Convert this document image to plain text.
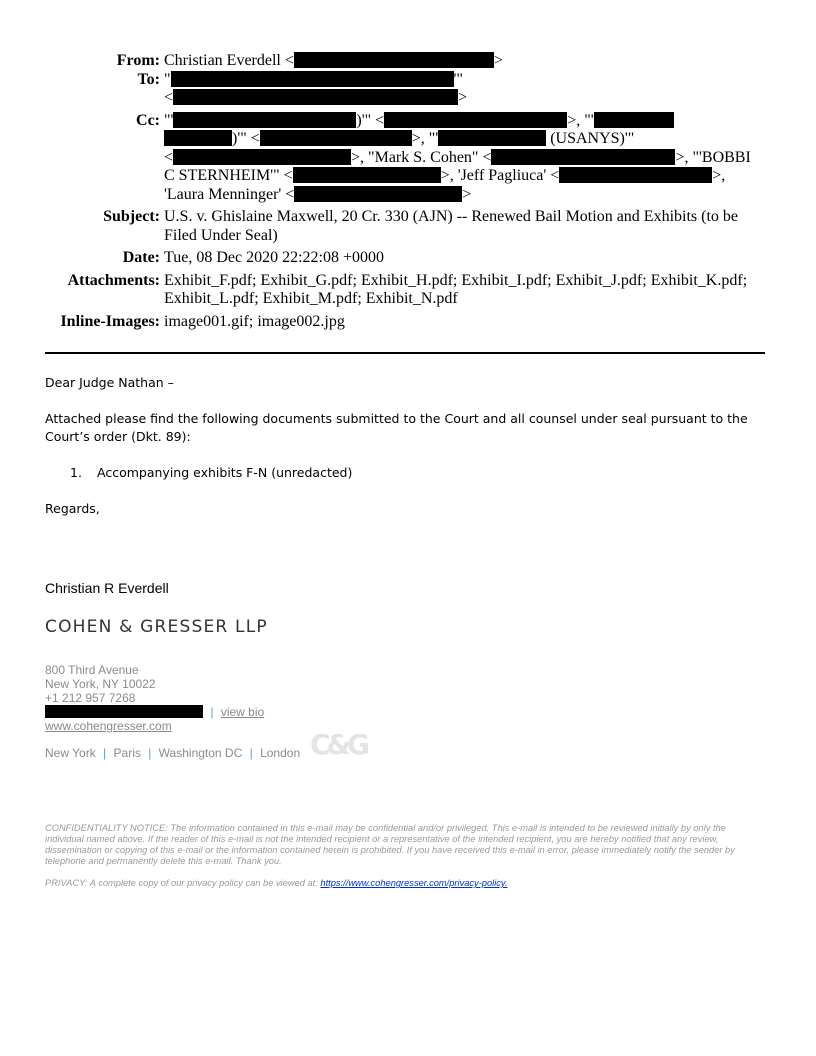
From: Christian Everdell <	>
To: "	'"
<	>
Cc: "'	)'" <	>, "'
)'" <	>, "'	(USANYS)'"
<	>, "Mark S. Cohen" <	>, "'BOBBI
C STERNHEIM'" <	>, 'Jeff Pagliuca' <	>,
'Laura Menninger' <	>
Subject: U.S. v. Ghislaine Maxwell, 20 Cr. 330 (AJN) -- Renewed Bail Motion and Exhibits (to be Filed Under Seal)
Date: Tue, 08 Dec 2020 22:22:08 +0000
Attachments: Exhibit_F.pdf; Exhibit_G.pdf; Exhibit_H.pdf; Exhibit_I.pdf; Exhibit_J.pdf; Exhibit_K.pdf; Exhibit_L.pdf; Exhibit_M.pdf; Exhibit_N.pdf
Inline-Images: image001.gif; image002.jpg
Dear Judge Nathan –
Attached please find the following documents submitted to the Court and all counsel under seal pursuant to the Court’s order (Dkt. 89):
1. Accompanying exhibits F-N (unredacted)
Regards,
Christian R Everdell
COHEN & GRESSER LLP
800 Third Avenue
New York, NY 10022
+1 212 957 7268
| view bio
www.cohengresser.com
New York | Paris | Washington DC | London C&G
CONFIDENTIALITY NOTICE: The information contained in this e-mail may be confidential and/or privileged. This e-mail is intended to be reviewed initially by only the individual named above. If the reader of this e-mail is not the intended recipient or a representative of the intended recipient, you are hereby notified that any review, dissemination or copying of this e-mail or the information contained herein is prohibited. If you have received this e-mail in error, please immediately notify the sender by telephone and permanently delete this e-mail. Thank you.
PRIVACY: A complete copy of our privacy policy can be viewed at: https://www.cohengresser.com/privacy-policy.
